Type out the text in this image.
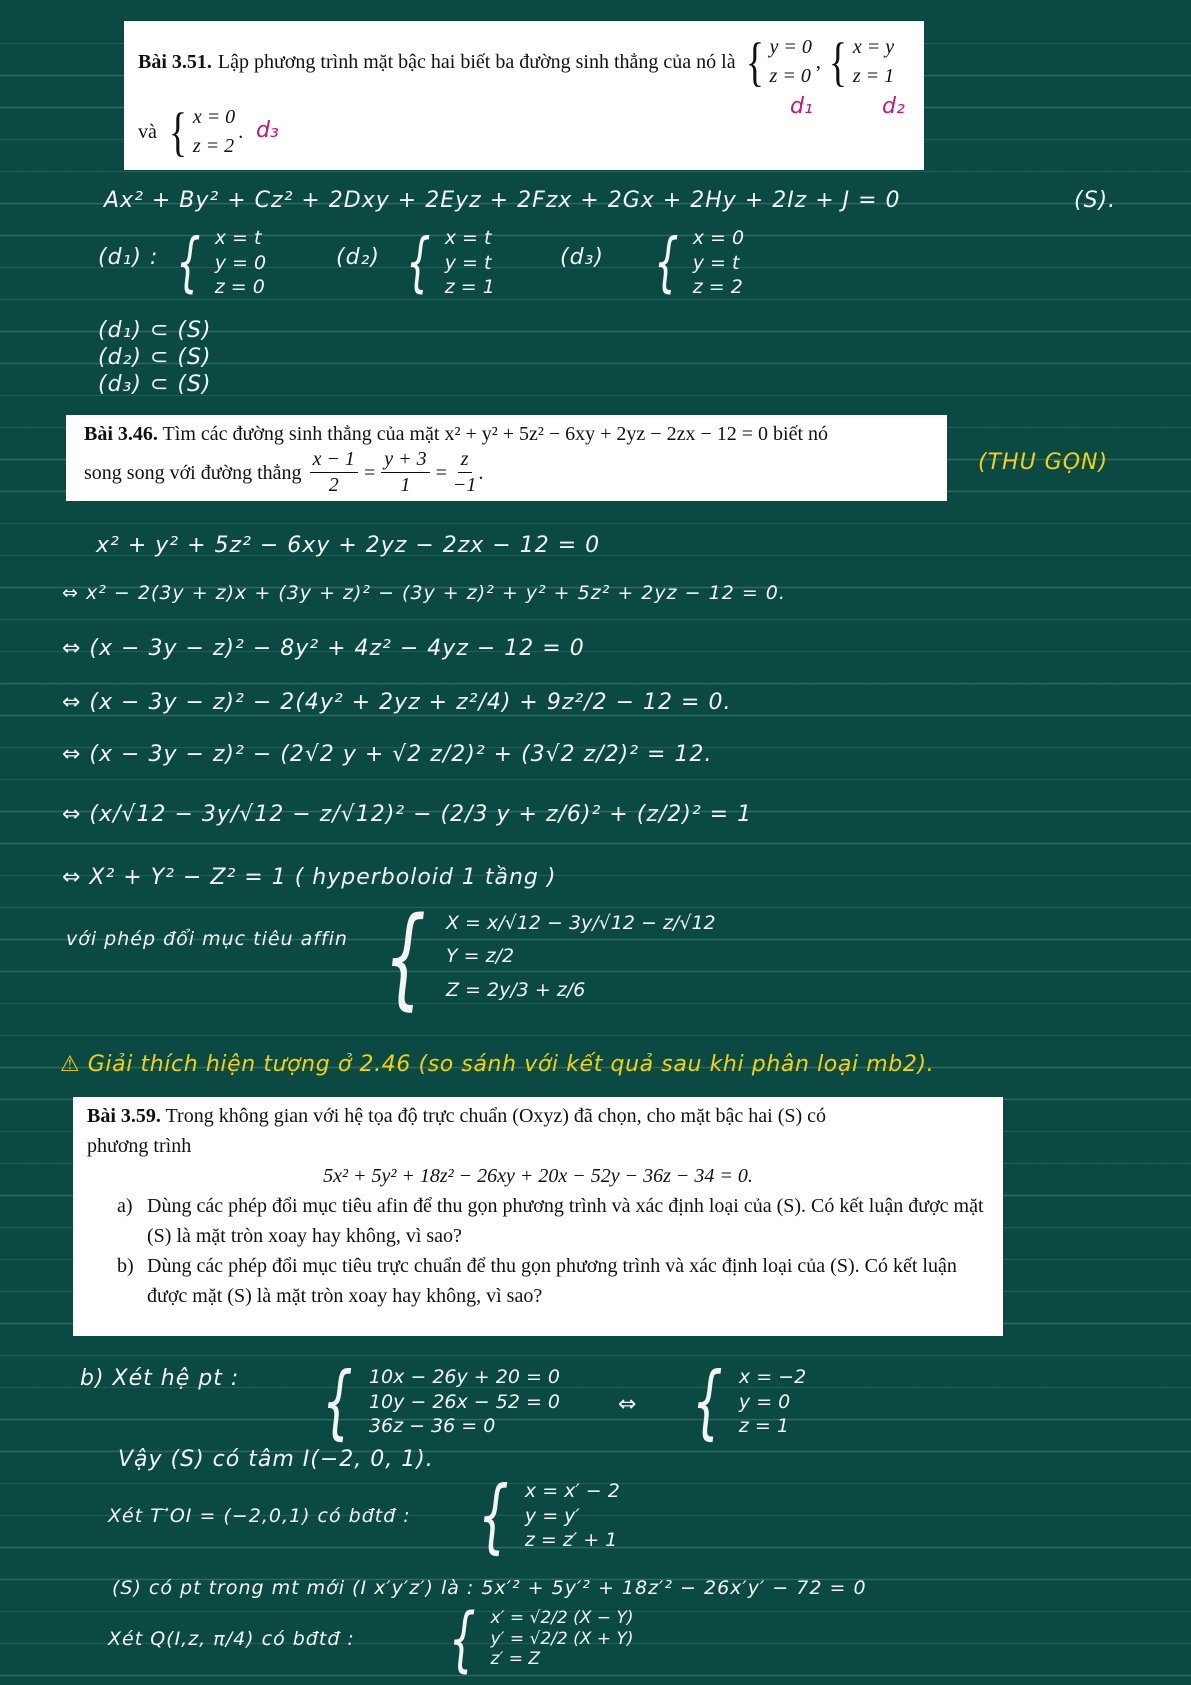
Bài 3.51. Lập phương trình mặt bậc hai biết ba đường sinh thẳng của nó là { y = 0
z = 0
, { x = y
z = 1
và { x = 0
z = 2
.
d₁	d₂
d₃
Ax² + By² + Cz² + 2Dxy + 2Eyz + 2Fzx + 2Gx + 2Hy + 2Iz + J = 0	(S).
(d₁) : { x = t
y = 0
z = 0
(d₂) { x = t
y = t
z = 1
(d₃) { x = 0
y = t
z = 2
(d₁) ⊂ (S)
(d₂) ⊂ (S)
(d₃) ⊂ (S)
Bài 3.46. Tìm các đường sinh thẳng của mặt x² + y² + 5z² − 6xy + 2yz − 2zx − 12 = 0 biết nó
song song với đường thẳng $\frac{x - 1}{2} = \frac{y + 3}{1} = \frac{z}{-1}$ .	(THU GỌN)
x² + y² + 5z² − 6xy + 2yz − 2zx − 12 = 0
⇔ x² − 2(3y + z)x + (3y + z)² − (3y + z)² + y² + 5z² + 2yz − 12 = 0.
⇔ (x − 3y − z)² − 8y² + 4z² − 4yz − 12 = 0
⇔ (x − 3y − z)² − 2(4y² + 2yz + z²/4) + 9z²/2 − 12 = 0.
⇔ (x − 3y − z)² − (2√2 y + √2 z/2)² + (3√2 z/2)² = 12.
⇔ (x/√12 − 3y/√12 − z/√12)² − (2/3 y + z/6)² + (z/2)² = 1
⇔ X² + Y² − Z² = 1 ( hyperboloid 1 tầng )
với phép đổi mục tiêu affin { X = x/√12 − 3y/√12 − z/√12
Y = z/2
Z = 2y/3 + z/6
⚠ Giải thích hiện tượng ở 2.46 (so sánh với kết quả sau khi phân loại mb2).
Bài 3.59. Trong không gian với hệ tọa độ trực chuẩn (Oxyz) đã chọn, cho mặt bậc hai (S) có
phương trình
5x² + 5y² + 18z² − 26xy + 20x − 52y − 36z − 34 = 0.
a) Dùng các phép đổi mục tiêu afin để thu gọn phương trình và xác định loại của (S). Có kết luận được mặt (S) là mặt tròn xoay hay không, vì sao?
b) Dùng các phép đổi mục tiêu trực chuẩn để thu gọn phương trình và xác định loại của (S). Có kết luận được mặt (S) là mặt tròn xoay hay không, vì sao?
b) Xét hệ pt : { 10x − 26y + 20 = 0
10y − 26x − 52 = 0
36z − 36 = 0
⇔ { x = −2
y = 0
z = 1
Vậy (S) có tâm I(−2, 0, 1).
Xét T ⃗OI = (−2,0,1) có bđtđ : { x = x′ − 2
y = y′
z = z′ + 1
(S) có pt trong mt mới (I x′y′z′) là : 5x′² + 5y′² + 18z′² − 26x′y′ − 72 = 0
Xét Q(I,z, π/4) có bđtđ : { x′ = √2/2 (X − Y)
y′ = √2/2 (X + Y)
z′ = Z
